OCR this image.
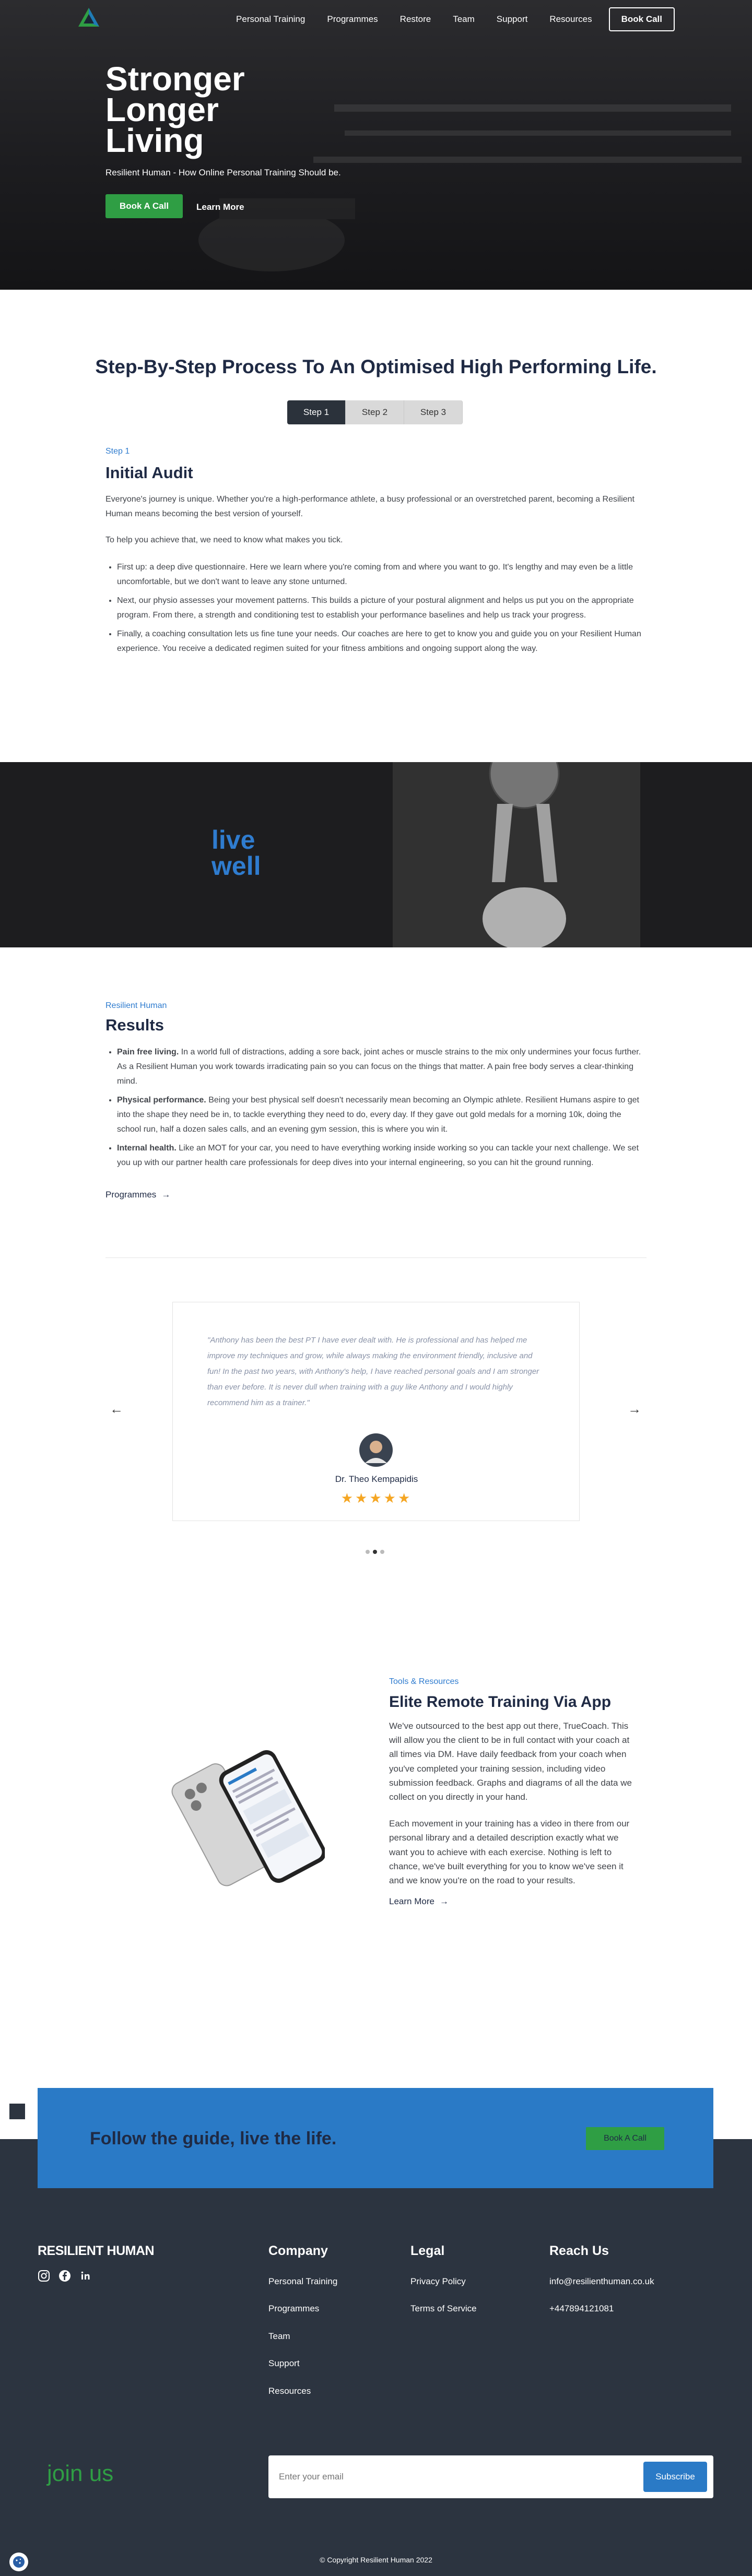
Personal Training Programmes Restore Team Support Resources	Book Call
Stronger
Longer
Living
Resilient Human - How Online Personal Training Should be.
Book A Call	Learn More
Step-By-Step Process To An Optimised High Performing Life.
Step 1	Step 2	Step 3
Step 1
Initial Audit

Everyone's journey is unique. Whether you're a high-performance athlete, a busy professional or an overstretched parent, becoming a Resilient Human means becoming the best version of yourself.

To help you achieve that, we need to know what makes you tick.

• First up: a deep dive questionnaire. Here we learn where you're coming from and where you want to go. It's lengthy and may even be a little uncomfortable, but we don't want to leave any stone unturned.
• Next, our physio assesses your movement patterns. This builds a picture of your postural alignment and helps us put you on the appropriate program. From there, a strength and conditioning test to establish your performance baselines and help us track your progress.
• Finally, a coaching consultation lets us fine tune your needs. Our coaches are here to get to know you and guide you on your Resilient Human experience. You receive a dedicated regimen suited for your fitness ambitions and ongoing support along the way.
live
well
Resilient Human
Results
• Pain free living. In a world full of distractions, adding a sore back, joint aches or muscle strains to the mix only undermines your focus further. As a Resilient Human you work towards irradicating pain so you can focus on the things that matter. A pain free body serves a clear-thinking mind.
• Physical performance. Being your best physical self doesn't necessarily mean becoming an Olympic athlete. Resilient Humans aspire to get into the shape they need be in, to tackle everything they need to do, every day. If they gave out gold medals for a morning 10k, doing the school run, half a dozen sales calls, and an evening gym session, this is where you win it.
• Internal health. Like an MOT for your car, you need to have everything working inside working so you can tackle your next challenge. We set you up with our partner health care professionals for deep dives into your internal engineering, so you can hit the ground running.
Programmes →
←	→

"Anthony has been the best PT I have ever dealt with. He is professional and has helped me improve my techniques and grow, while always making the environment friendly, inclusive and fun! In the past two years, with Anthony's help, I have reached personal goals and I am stronger than ever before. It is never dull when training with a guy like Anthony and I would highly recommend him as a trainer."

Dr. Theo Kempapidis
★★★★★
Tools & Resources
Elite Remote Training Via App

We've outsourced to the best app out there, TrueCoach. This will allow you the client to be in full contact with your coach at all times via DM. Have daily feedback from your coach when you've completed your training session, including video submission feedback. Graphs and diagrams of all the data we collect on you directly in your hand.

Each movement in your training has a video in there from our personal library and a detailed description exactly what we want you to achieve with each exercise. Nothing is left to chance, we've built everything for you to know we've seen it and we know you're on the road to your results.

Learn More →
RESILIENT HUMAN	Company
Personal Training
Programmes
Team
Support
Resources
Legal
Privacy Policy
Terms of Service
Reach Us
info@resilienthuman.co.uk
+447894121081
join us
Enter your email	Subscribe
© Copyright Resilient Human 2022
Follow the guide, live the life.	Book A Call
